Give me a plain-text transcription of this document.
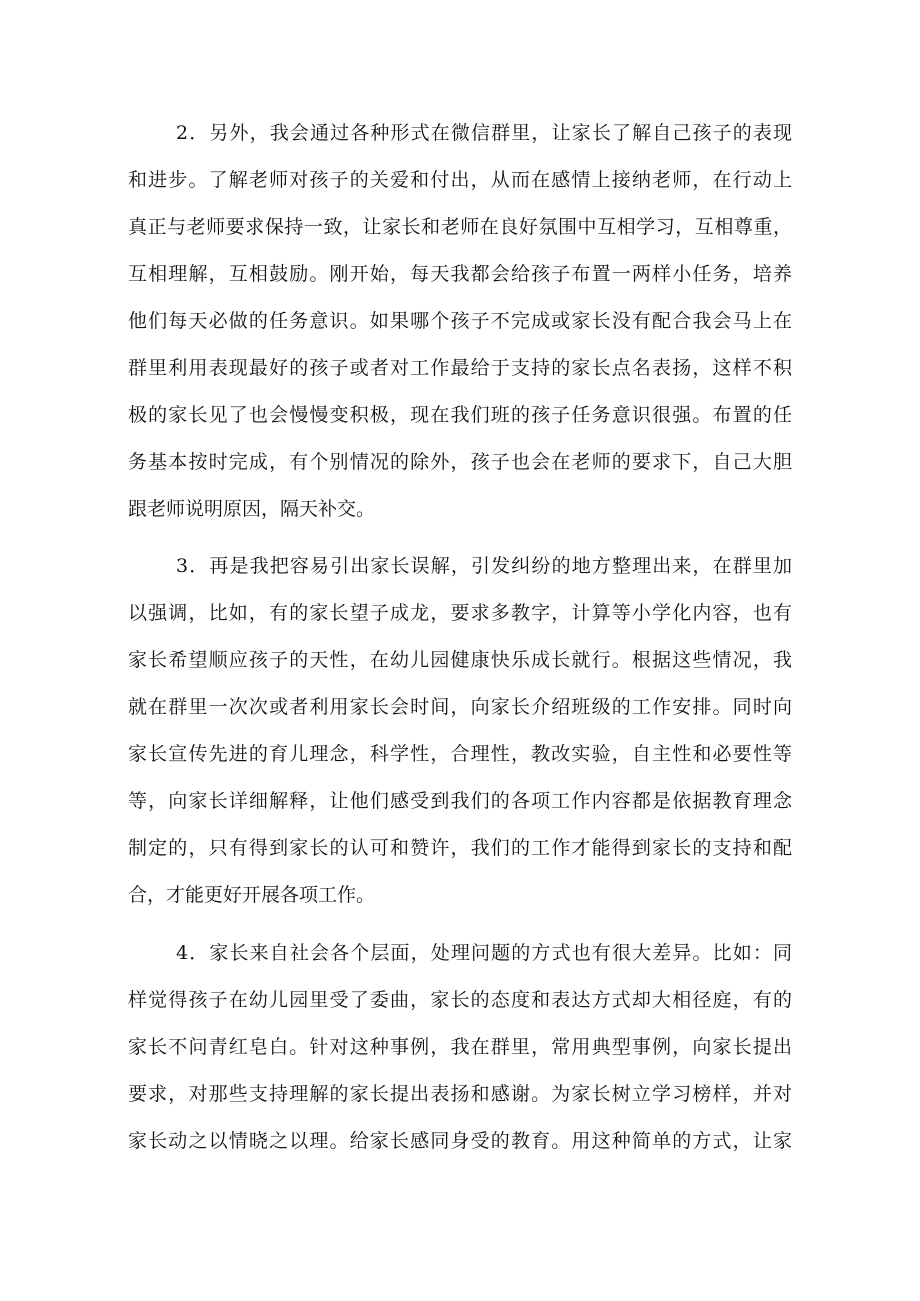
2．另外，我会通过各种形式在微信群里，让家长了解自己孩子的表现
和进步。了解老师对孩子的关爱和付出，从而在感情上接纳老师，在行动上
真正与老师要求保持一致，让家长和老师在良好氛围中互相学习，互相尊重，
互相理解，互相鼓励。刚开始，每天我都会给孩子布置一两样小任务，培养
他们每天必做的任务意识。如果哪个孩子不完成或家长没有配合我会马上在
群里利用表现最好的孩子或者对工作最给于支持的家长点名表扬，这样不积
极的家长见了也会慢慢变积极，现在我们班的孩子任务意识很强。布置的任
务基本按时完成，有个别情况的除外，孩子也会在老师的要求下，自己大胆
跟老师说明原因，隔天补交。
3．再是我把容易引出家长误解，引发纠纷的地方整理出来，在群里加
以强调，比如，有的家长望子成龙，要求多教字，计算等小学化内容，也有
家长希望顺应孩子的天性，在幼儿园健康快乐成长就行。根据这些情况，我
就在群里一次次或者利用家长会时间，向家长介绍班级的工作安排。同时向
家长宣传先进的育儿理念，科学性，合理性，教改实验，自主性和必要性等
等，向家长详细解释，让他们感受到我们的各项工作内容都是依据教育理念
制定的，只有得到家长的认可和赞许，我们的工作才能得到家长的支持和配
合，才能更好开展各项工作。
4．家长来自社会各个层面，处理问题的方式也有很大差异。比如：同
样觉得孩子在幼儿园里受了委曲，家长的态度和表达方式却大相径庭，有的
家长不问青红皂白。针对这种事例，我在群里，常用典型事例，向家长提出
要求，对那些支持理解的家长提出表扬和感谢。为家长树立学习榜样，并对
家长动之以情晓之以理。给家长感同身受的教育。用这种简单的方式，让家
